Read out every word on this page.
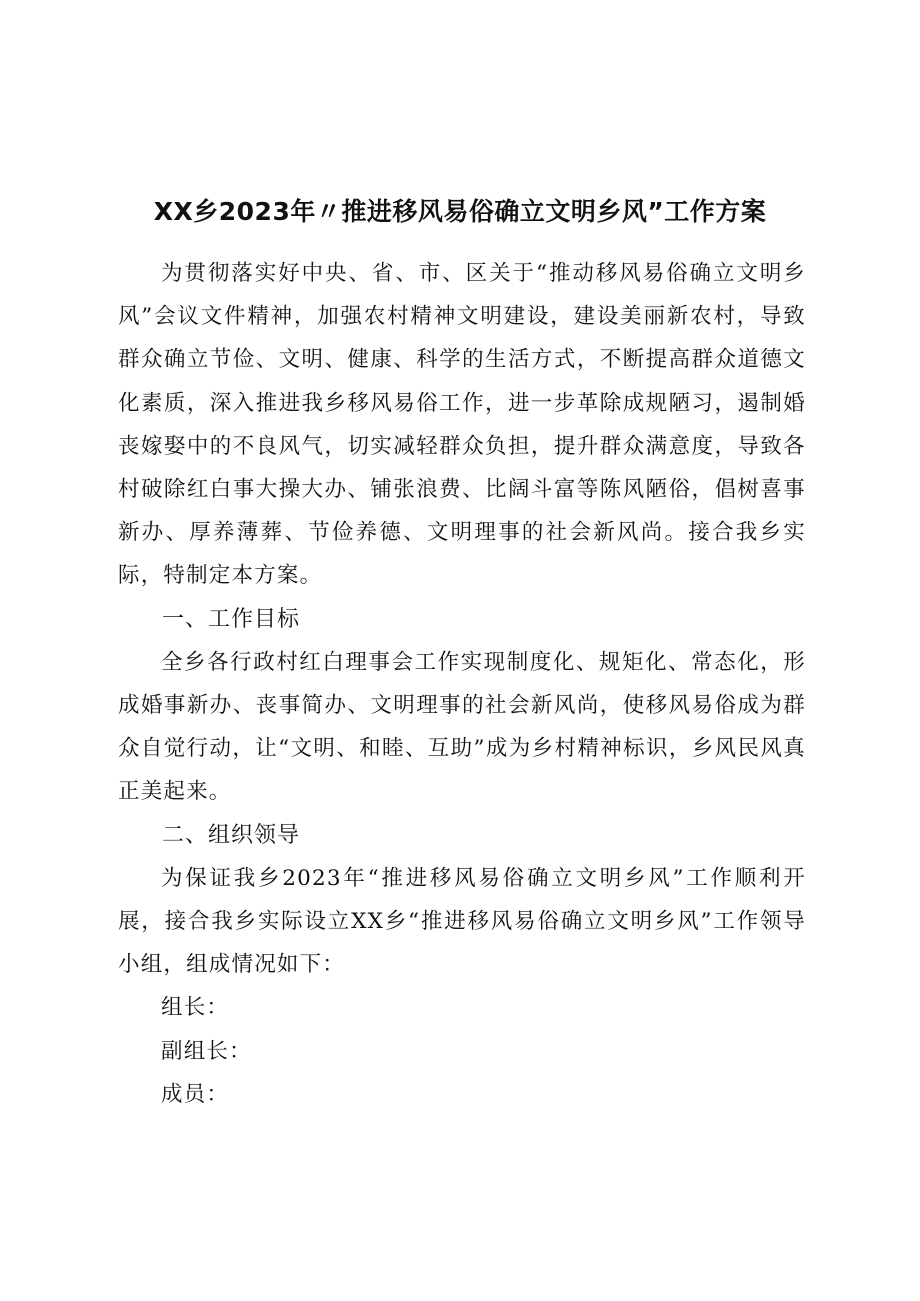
XX乡2023年〃推进移风易俗确立文明乡风”工作方案

为贯彻落实好中央、省、市、区关于“推动移风易俗确立文明乡风”会议文件精神，加强农村精神文明建设，建设美丽新农村，导致群众确立节俭、文明、健康、科学的生活方式，不断提高群众道德文化素质，深入推进我乡移风易俗工作，进一步革除成规陋习，遏制婚丧嫁娶中的不良风气，切实减轻群众负担，提升群众满意度，导致各村破除红白事大操大办、铺张浪费、比阔斗富等陈风陋俗，倡树喜事新办、厚养薄葬、节俭养德、文明理事的社会新风尚。接合我乡实际，特制定本方案。

一、工作目标

全乡各行政村红白理事会工作实现制度化、规矩化、常态化，形成婚事新办、丧事简办、文明理事的社会新风尚，使移风易俗成为群众自觉行动，让“文明、和睦、互助”成为乡村精神标识，乡风民风真正美起来。

二、组织领导

为保证我乡2023年“推进移风易俗确立文明乡风”工作顺利开展，接合我乡实际设立XX乡“推进移风易俗确立文明乡风”工作领导小组，组成情况如下：

组长：

副组长：

成员：
